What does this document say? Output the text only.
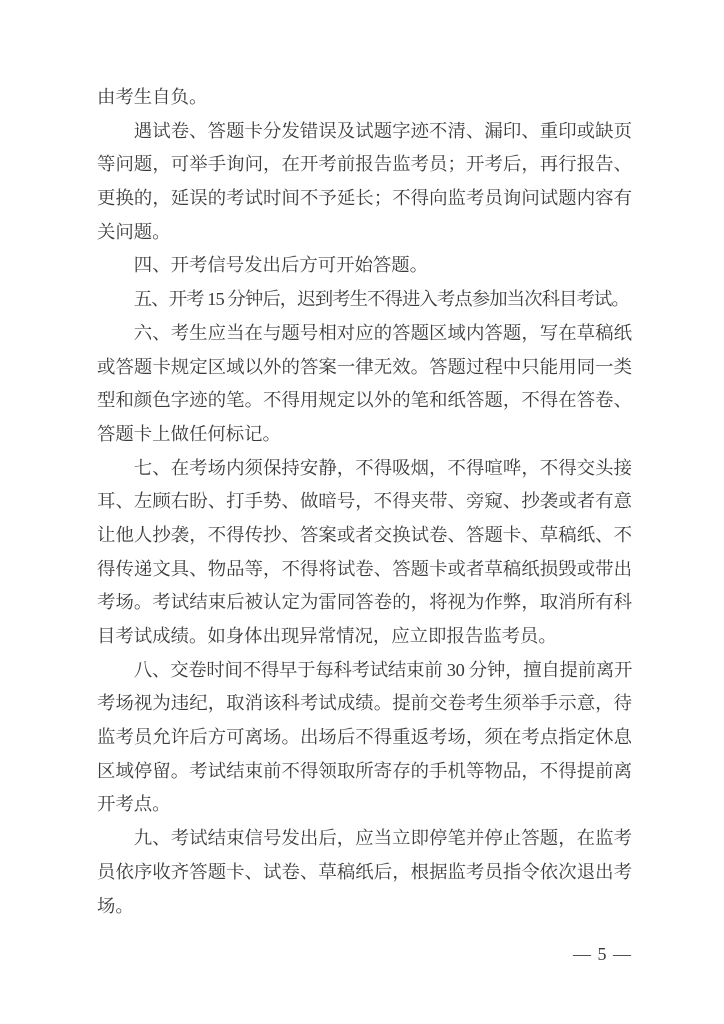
由考生自负。
遇试卷、答题卡分发错误及试题字迹不清、漏印、重印或缺页
等问题，可举手询问，在开考前报告监考员；开考后，再行报告、
更换的，延误的考试时间不予延长；不得向监考员询问试题内容有
关问题。
四、开考信号发出后方可开始答题。
五、开考 15 分钟后，迟到考生不得进入考点参加当次科目考试。
六、考生应当在与题号相对应的答题区域内答题，写在草稿纸
或答题卡规定区域以外的答案一律无效。答题过程中只能用同一类
型和颜色字迹的笔。不得用规定以外的笔和纸答题，不得在答卷、
答题卡上做任何标记。
七、在考场内须保持安静，不得吸烟，不得喧哗，不得交头接
耳、左顾右盼、打手势、做暗号，不得夹带、旁窥、抄袭或者有意
让他人抄袭，不得传抄、答案或者交换试卷、答题卡、草稿纸、不
得传递文具、物品等，不得将试卷、答题卡或者草稿纸损毁或带出
考场。考试结束后被认定为雷同答卷的，将视为作弊，取消所有科
目考试成绩。如身体出现异常情况，应立即报告监考员。
八、交卷时间不得早于每科考试结束前 30 分钟，擅自提前离开
考场视为违纪，取消该科考试成绩。提前交卷考生须举手示意，待
监考员允许后方可离场。出场后不得重返考场，须在考点指定休息
区域停留。考试结束前不得领取所寄存的手机等物品，不得提前离
开考点。
九、考试结束信号发出后，应当立即停笔并停止答题，在监考
员依序收齐答题卡、试卷、草稿纸后，根据监考员指令依次退出考
场。
— 5 —
